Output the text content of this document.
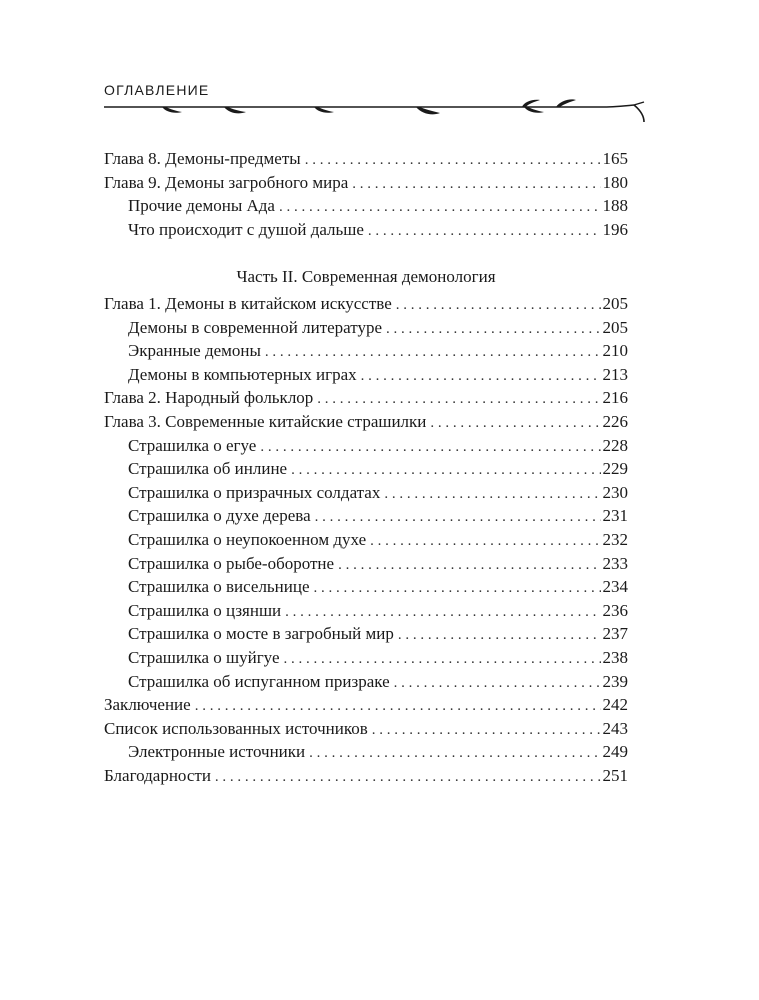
ОГЛАВЛЕНИЕ
Глава 8. Демоны-предметы . . .	165
Глава 9. Демоны загробного мира . . .	180
Прочие демоны Ада . . .	188
Что происходит с душой дальше . . .	196
Часть II. Современная демонология
Глава 1. Демоны в китайском искусстве . . .	205
Демоны в современной литературе . . .	205
Экранные демоны . . .	210
Демоны в компьютерных играх . . .	213
Глава 2. Народный фольклор . . .	216
Глава 3. Современные китайские страшилки . . .	226
Страшилка о егуе . . .	228
Страшилка об инлине . . .	229
Страшилка о призрачных солдатах . . .	230
Страшилка о духе дерева . . .	231
Страшилка о неупокоенном духе . . .	232
Страшилка о рыбе-оборотне . . .	233
Страшилка о висельнице . . .	234
Страшилка о цзянши . . .	236
Страшилка о мосте в загробный мир . . .	237
Страшилка о шуйгуе . . .	238
Страшилка об испуганном призраке . . .	239
Заключение . . .	242
Список использованных источников . . .	243
Электронные источники . . .	249
Благодарности . . .	251
